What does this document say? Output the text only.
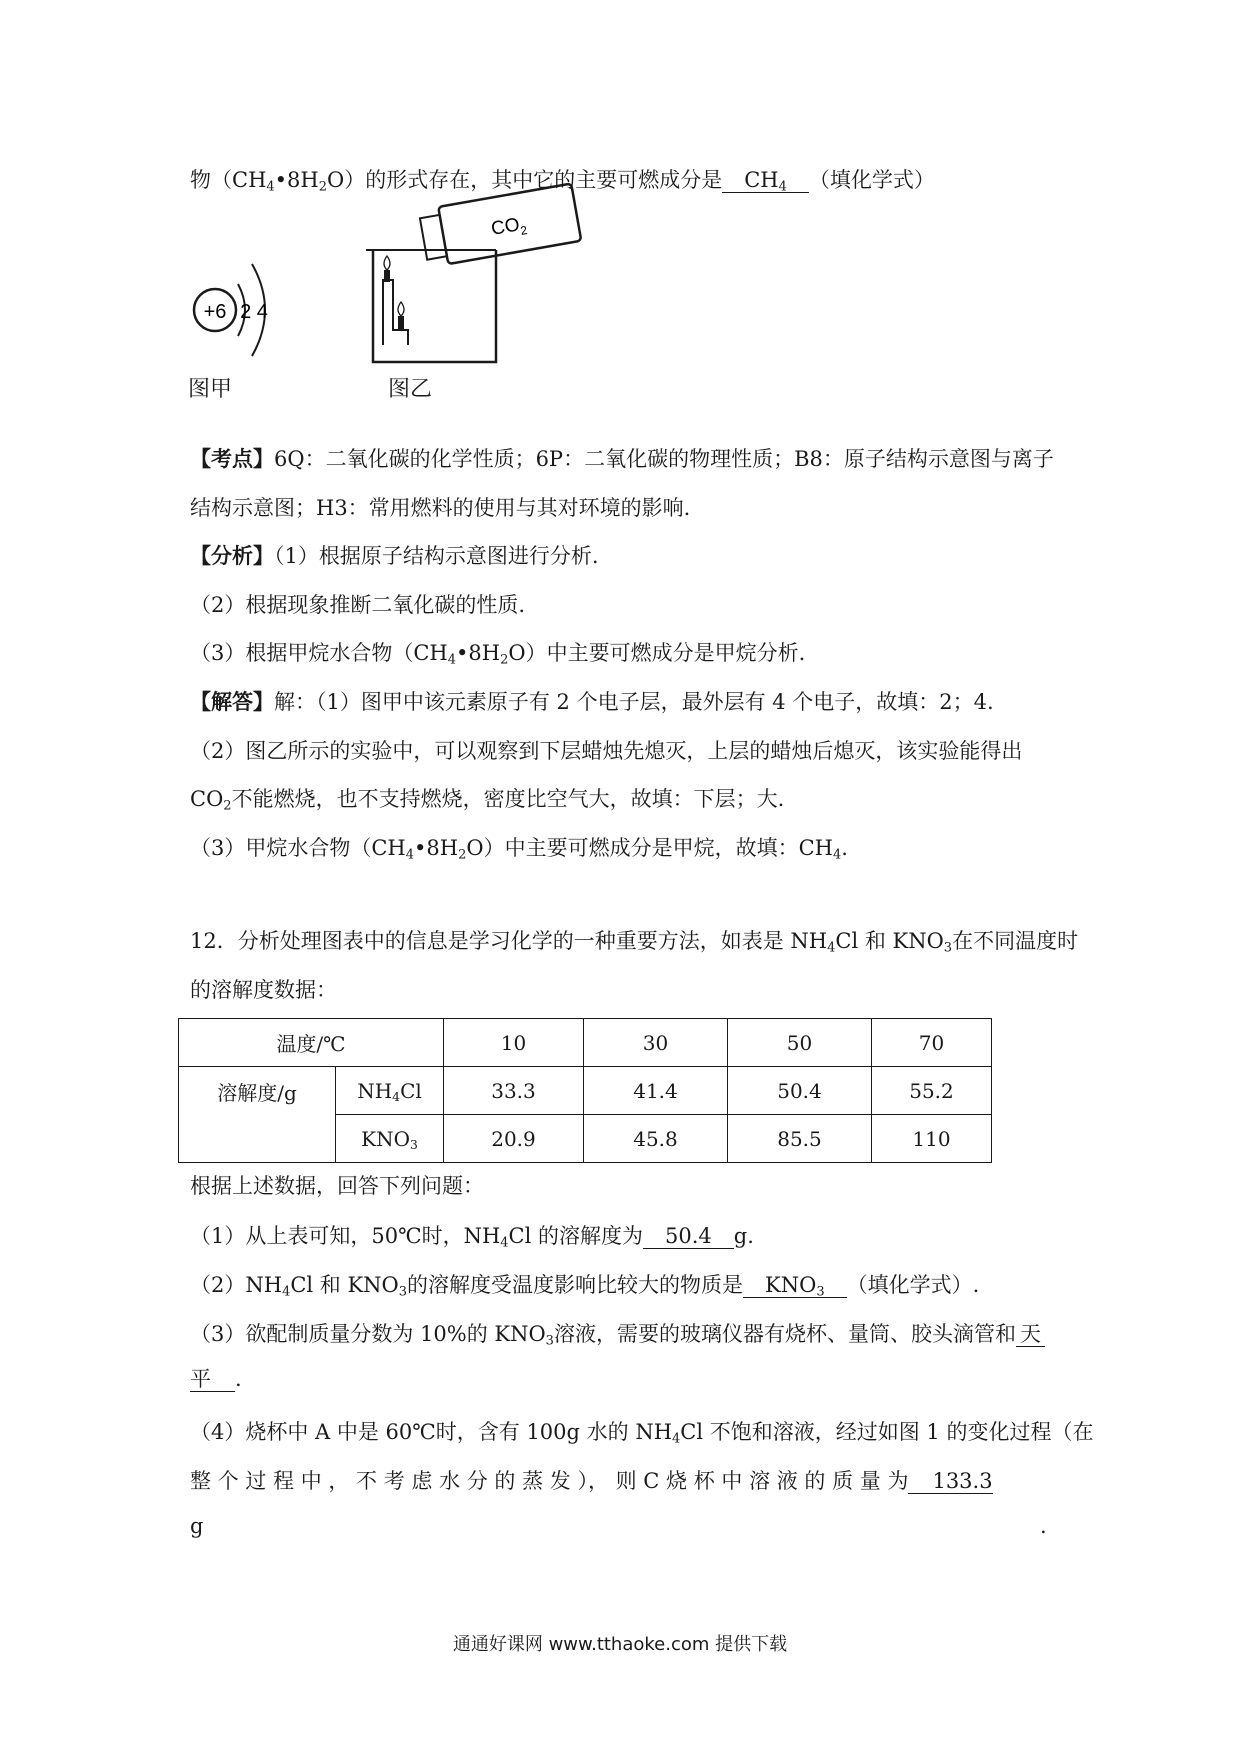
物$(CH_4•8H_2O)$的形式存在，其中它的主要可燃成分是 $CH_4$ （填化学式）
+6 2 4
$CO_2$
图甲	图乙
【考点】6Q：二氧化碳的化学性质；6P：二氧化碳的物理性质；B8：原子结构示意图与离子
结构示意图；H3：常用燃料的使用与其对环境的影响.
【分析】（1）根据原子结构示意图进行分析.
（2）根据现象推断二氧化碳的性质.
（3）根据甲烷水合物$(CH_4•8H_2O)$中主要可燃成分是甲烷分析.
【解答】解：（1）图甲中该元素原子有 2 个电子层，最外层有 4 个电子，故填：2；4.
（2）图乙所示的实验中，可以观察到下层蜡烛先熄灭，上层的蜡烛后熄灭，该实验能得出
$CO_2$不能燃烧，也不支持燃烧，密度比空气大，故填：下层；大.
（3）甲烷水合物$(CH_4•8H_2O)$中主要可燃成分是甲烷，故填：$CH_4$.
12．分析处理图表中的信息是学习化学的一种重要方法，如表是 $NH_4Cl$ 和 $KNO_3$在不同温度时
的溶解度数据：
温度/℃		10	30	50	70
溶解度/g	$NH_4Cl$	33.3	41.4	50.4	55.2
	$KNO_3$	20.9	45.8	85.5	110
根据上述数据，回答下列问题：
（1）从上表可知，50℃时，$NH_4Cl$ 的溶解度为 50.4 g.
$(2)NH_4Cl$ 和 $KNO_3$的溶解度受温度影响比较大的物质是 $KNO_3$ （填化学式）.
（3）欲配制质量分数为 10%的 $KNO_3$溶液，需要的玻璃仪器有烧杯、量筒、胶头滴管和 天
平 .
（4）烧杯中 A 中是 60℃时，含有 100g 水的 $NH_4Cl$ 不饱和溶液，经过如图 1 的变化过程（在
整 个 过 程 中 ， 不 考 虑 水 分 的 蒸 发 ）， 则 C 烧 杯 中 溶 液 的 质 量 为 133.3
g	.
通通好课网 www.tthaoke.com 提供下载
